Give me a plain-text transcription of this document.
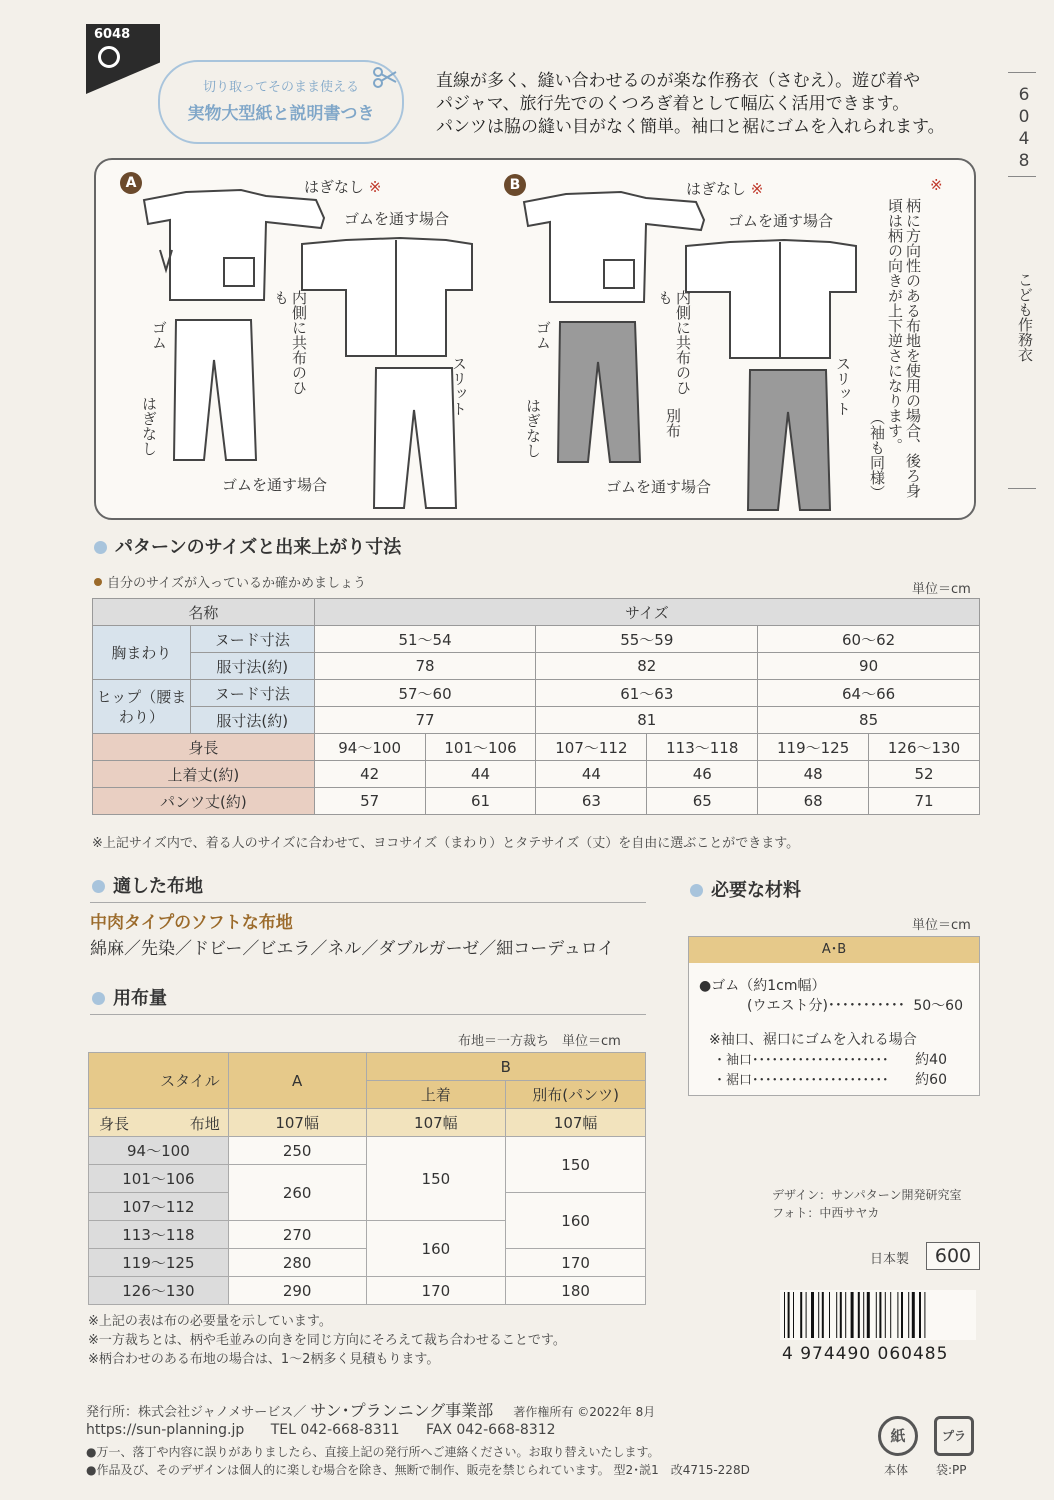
6048
切り取ってそのまま使える
実物大型紙と説明書つき
直線が多く、縫い合わせるのが楽な作務衣（さむえ）。遊び着や
パジャマ、旅行先でのくつろぎ着として幅広く活用できます。
パンツは脇の縫い目がなく簡単。袖口と裾にゴムを入れられます。
6
0
4
8
こども作務衣
A	B
はぎなし ※
ゴムを通す場合
内側に共布のひも
ゴム
はぎなし
スリット
ゴムを通す場合
はぎなし ※
ゴムを通す場合
内側に共布のひも
ゴム
はぎなし	別布
スリット
ゴムを通す場合
※
柄に方向性のある布地を使用の場合、後ろ身頃は柄の向きが上下逆さになります。
（袖も同様）
パターンのサイズと出来上がり寸法
自分のサイズが入っているか確かめましょう	単位＝cm
名称		サイズ					
胸まわり	ヌード寸法	51〜54		55〜59		60〜62	
	服寸法(約)	78		82		90	
ヒップ（腰まわり）	ヌード寸法	57〜60		61〜63		64〜66	
	服寸法(約)	77		81		85	
身長		94〜100	101〜106	107〜112	113〜118	119〜125	126〜130
上着丈(約)		42	44	44	46	48	52
パンツ丈(約)		57	61	63	65	68	71
※上記サイズ内で、着る人のサイズに合わせて、ヨコサイズ（まわり）とタテサイズ（丈）を自由に選ぶことができます。
適した布地
中肉タイプのソフトな布地
綿麻／先染／ドビー／ビエラ／ネル／ダブルガーゼ／細コーデュロイ
用布量
布地＝一方裁ち　単位＝cm
スタイル	A	B	
		上着	別布(パンツ)

身長 布地	107幅	107幅	107幅
94〜100	250	150	150
101〜106	260		
107〜112			160
113〜118	270	160	
119〜125	280		170
126〜130	290	170	180
※上記の表は布の必要量を示しています。
※一方裁ちとは、柄や毛並みの向きを同じ方向にそろえて裁ち合わせることです。
※柄合わせのある布地の場合は、1〜2柄多く見積もります。
必要な材料
単位＝cm
A･B
●ゴム（約1cm幅）
(ウエスト分)･･･････････ 50〜60
※袖口、裾口にゴムを入れる場合
・袖口･････････････････････ 約40
・裾口･････････････････････ 約60
デザイン：サンパターン開発研究室
フォト：中西サヤカ
日本製	600
4 974490 060485
発行所：株式会社ジャノメサービス／ サン･プランニング事業部 著作権所有 ©2022年 8月
https://sun-planning.jp TEL 042-668-8311 FAX 042-668-8312
●万一、落丁や内容に誤りがありましたら、直接上記の発行所へご連絡ください。お取り替えいたします。
●作品及び、そのデザインは個人的に楽しむ場合を除き、無断で制作、販売を禁じられています。 型2･説1　改4715-228D
紙
本体
プラ
袋:PP
